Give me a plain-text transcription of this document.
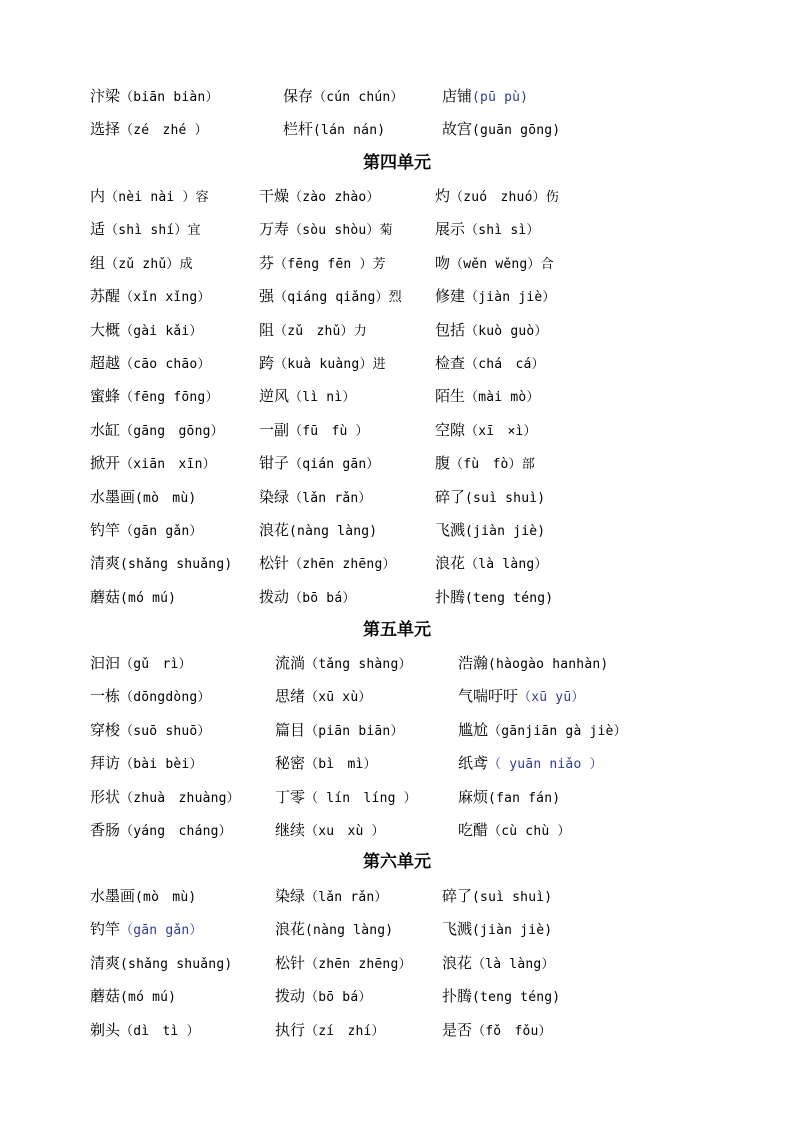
汴梁（biān biàn）	保存（cún chún）	店铺(pū pù)
选择（zé　zhé ）	栏杆(lán nán)	故宫(guān gōng)
第四单元
内（nèi nài ）容	干燥（zào zhào）	灼（zuó　zhuó）伤
适（shì shí）宜	万寿（sòu shòu）菊	展示（shì sì）
组（zǔ zhǔ）成	芬（fēng fēn ）芳	吻（wěn wěng）合
苏醒（xǐn xǐng）	强（qiáng qiǎng）烈 修建（jiàn jiè）
大概（gài kǎi）	阻（zǔ　zhǔ）力	包括（kuò guò）
超越（cāo chāo）	跨（kuà kuàng）进	检查（chá　cá）
蜜蜂（fēng fōng）	逆风（lì nì）	陌生（mài mò）
水缸（gāng　gōng） 一副（fū　fù ）	空隙（xī　×ì）
掀开（xiān　xīn）	钳子（qián gān）	腹（fù　fò）部
水墨画(mò　mù)	染绿（lǎn rǎn）	碎了(suì shuì)
钓竿（gān gǎn）	浪花(nàng làng)	飞溅(jiàn jiè)
清爽(shǎng shuǎng) 松针（zhēn zhēng）	浪花（là làng）
蘑菇(mó mú)	拨动（bō bá）	扑腾(teng téng)
第五单元
汩汩（gǔ　rì）	流淌（tǎng shàng）	浩瀚(hàogào hanhàn)
一栋（dōngdòng）	思绪（xū xù）	气喘吁吁（xū yū）
穿梭（suō shuō）	篇目（piān biān）	尴尬（gānjiān gà jiè）
拜访（bài bèi）	秘密（bì　mì）	纸鸢（ yuān niǎo ）
形状（zhuà　zhuàng） 丁零（ lín　líng ）	麻烦(fan fán)
香肠（yáng　cháng）	继续（xu　xù ）	吃醋（cù chù ）
第六单元
水墨画(mò　mù)	染绿（lǎn rǎn）	碎了(suì shuì)
钓竿（gān gǎn）	浪花(nàng làng)	飞溅(jiàn jiè)
清爽(shǎng shuǎng)	松针（zhēn zhēng） 浪花（là làng）
蘑菇(mó mú)	拨动（bō bá）	扑腾(teng téng)
剃头（dì　tì ）	执行（zí　zhí）	是否（fǒ　fǒu）
